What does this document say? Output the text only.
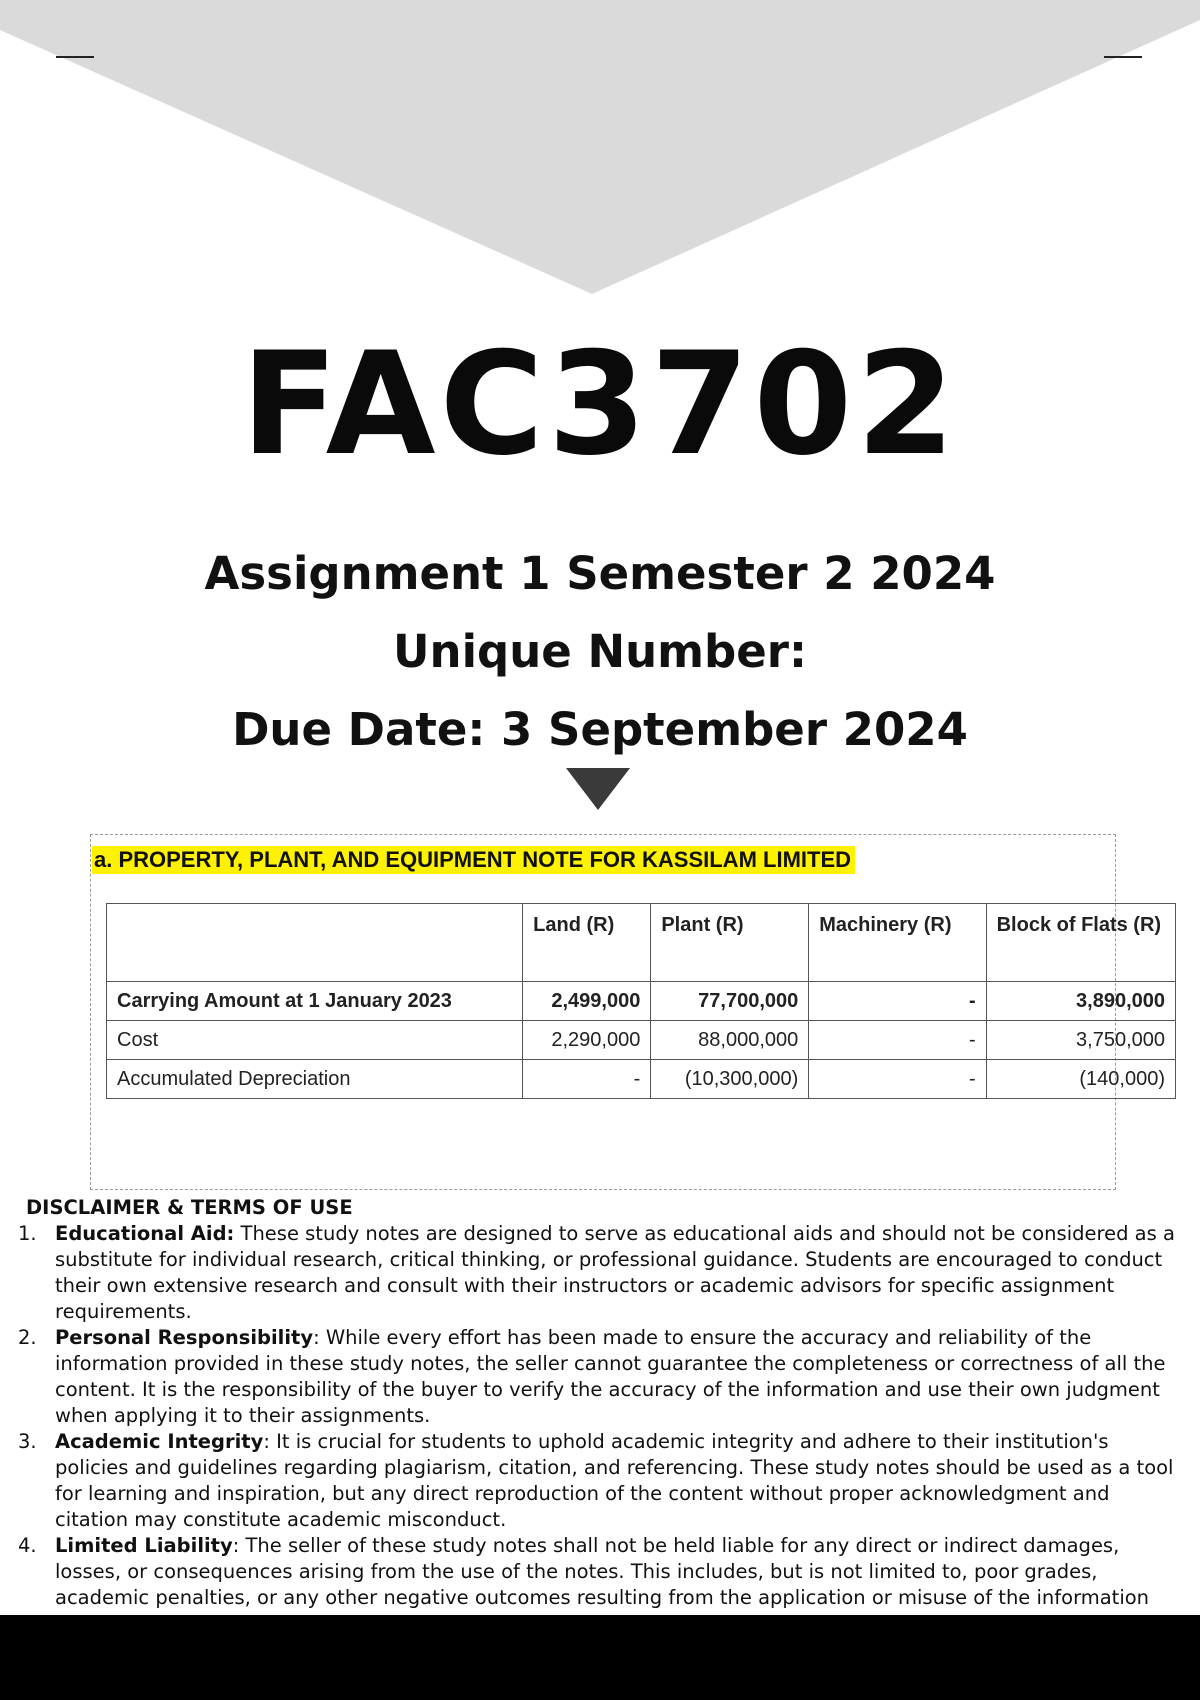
FAC3702
Assignment 1 Semester 2 2024
Unique Number:
Due Date: 3 September 2024
a. PROPERTY, PLANT, AND EQUIPMENT NOTE FOR KASSILAM LIMITED
	Land (R)	Plant (R)	Machinery (R)	Block of Flats (R)
Carrying Amount at 1 January 2023	2,499,000	77,700,000	-	3,890,000
Cost	2,290,000	88,000,000	-	3,750,000
Accumulated Depreciation	-	(10,300,000)	-	(140,000)
DISCLAIMER & TERMS OF USE
1. Educational Aid: These study notes are designed to serve as educational aids and should not be considered as a substitute for individual research, critical thinking, or professional guidance. Students are encouraged to conduct their own extensive research and consult with their instructors or academic advisors for specific assignment requirements.
2. Personal Responsibility: While every effort has been made to ensure the accuracy and reliability of the information provided in these study notes, the seller cannot guarantee the completeness or correctness of all the content. It is the responsibility of the buyer to verify the accuracy of the information and use their own judgment when applying it to their assignments.
3. Academic Integrity: It is crucial for students to uphold academic integrity and adhere to their institution's policies and guidelines regarding plagiarism, citation, and referencing. These study notes should be used as a tool for learning and inspiration, but any direct reproduction of the content without proper acknowledgment and citation may constitute academic misconduct.
4. Limited Liability: The seller of these study notes shall not be held liable for any direct or indirect damages, losses, or consequences arising from the use of the notes. This includes, but is not limited to, poor grades, academic penalties, or any other negative outcomes resulting from the application or misuse of the information
